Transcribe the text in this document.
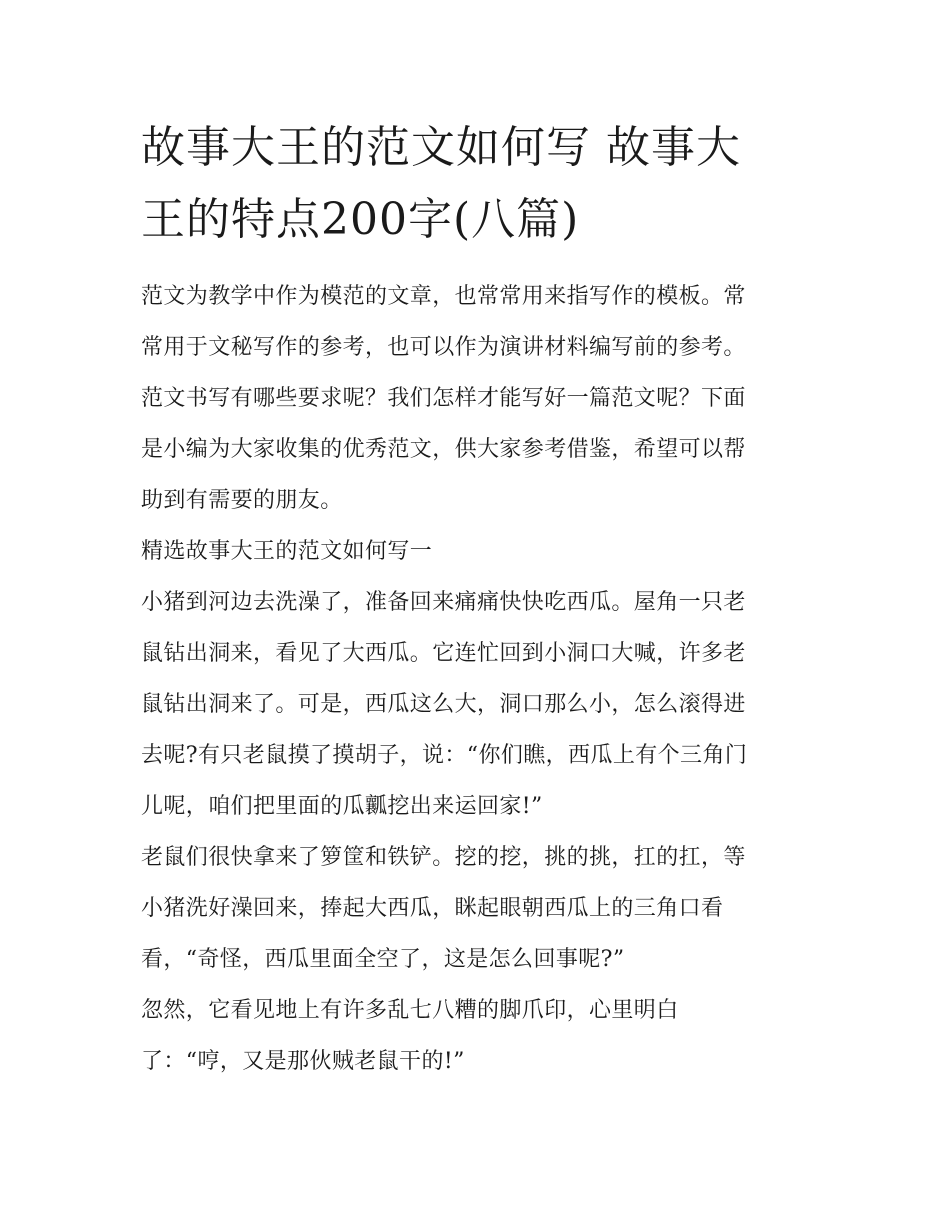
故事大王的范文如何写 故事大
王的特点200字(八篇)
范文为教学中作为模范的文章，也常常用来指写作的模板。常
常用于文秘写作的参考，也可以作为演讲材料编写前的参考。
范文书写有哪些要求呢？我们怎样才能写好一篇范文呢？下面
是小编为大家收集的优秀范文，供大家参考借鉴，希望可以帮
助到有需要的朋友。
精选故事大王的范文如何写一
小猪到河边去洗澡了，准备回来痛痛快快吃西瓜。屋角一只老
鼠钻出洞来，看见了大西瓜。它连忙回到小洞口大喊，许多老
鼠钻出洞来了。可是，西瓜这么大，洞口那么小，怎么滚得进
去呢?有只老鼠摸了摸胡子，说：“你们瞧，西瓜上有个三角门
儿呢，咱们把里面的瓜瓤挖出来运回家!”
老鼠们很快拿来了箩筐和铁铲。挖的挖，挑的挑，扛的扛，等
小猪洗好澡回来，捧起大西瓜，眯起眼朝西瓜上的三角口看
看，“奇怪，西瓜里面全空了，这是怎么回事呢?”
忽然，它看见地上有许多乱七八糟的脚爪印，心里明白
了：“哼，又是那伙贼老鼠干的!”
